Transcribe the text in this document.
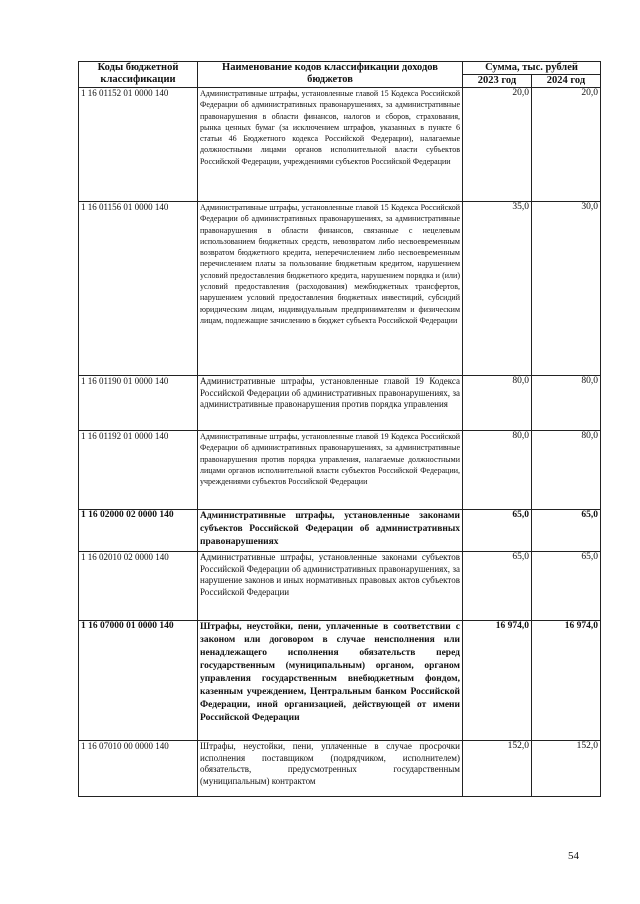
Коды бюджетной классификации	Наименование кодов классификации доходов бюджетов	Сумма, тыс. рублей	
		2023 год	2024 год
1 16 01152 01 0000 140	Административные штрафы, установленные главой 15 Кодекса Российской Федерации об административных правонарушениях, за административные правонарушения в области финансов, налогов и сборов, страхования, рынка ценных бумаг (за исключением штрафов, указанных в пункте 6 статьи 46 Бюджетного кодекса Российской Федерации), налагаемые должностными лицами органов исполнительной власти субъектов Российской Федерации, учреждениями субъектов Российской Федерации	20,0	20,0
1 16 01156 01 0000 140	Административные штрафы, установленные главой 15 Кодекса Российской Федерации об административных правонарушениях, за административные правонарушения в области финансов, связанные с нецелевым использованием бюджетных средств, невозвратом либо несвоевременным возвратом бюджетного кредита, неперечислением либо несвоевременным перечислением платы за пользование бюджетным кредитом, нарушением условий предоставления бюджетного кредита, нарушением порядка и (или) условий предоставления (расходования) межбюджетных трансфертов, нарушением условий предоставления бюджетных инвестиций, субсидий юридическим лицам, индивидуальным предпринимателям и физическим лицам, подлежащие зачислению в бюджет субъекта Российской Федерации	35,0	30,0
1 16 01190 01 0000 140	Административные штрафы, установленные главой 19 Кодекса Российской Федерации об административных правонарушениях, за административные правонарушения против порядка управления	80,0	80,0
1 16 01192 01 0000 140	Административные штрафы, установленные главой 19 Кодекса Российской Федерации об административных правонарушениях, за административные правонарушения против порядка управления, налагаемые должностными лицами органов исполнительной власти субъектов Российской Федерации, учреждениями субъектов Российской Федерации	80,0	80,0
1 16 02000 02 0000 140	Административные штрафы, установленные законами субъектов Российской Федерации об административных правонарушениях	65,0	65,0
1 16 02010 02 0000 140	Административные штрафы, установленные законами субъектов Российской Федерации об административных правонарушениях, за нарушение законов и иных нормативных правовых актов субъектов Российской Федерации	65,0	65,0
1 16 07000 01 0000 140	Штрафы, неустойки, пени, уплаченные в соответствии с законом или договором в случае неисполнения или ненадлежащего исполнения обязательств перед государственным (муниципальным) органом, органом управления государственным внебюджетным фондом, казенным учреждением, Центральным банком Российской Федерации, иной организацией, действующей от имени Российской Федерации	16 974,0	16 974,0
1 16 07010 00 0000 140	Штрафы, неустойки, пени, уплаченные в случае просрочки исполнения поставщиком (подрядчиком, исполнителем) обязательств, предусмотренных государственным (муниципальным) контрактом	152,0	152,0
54
